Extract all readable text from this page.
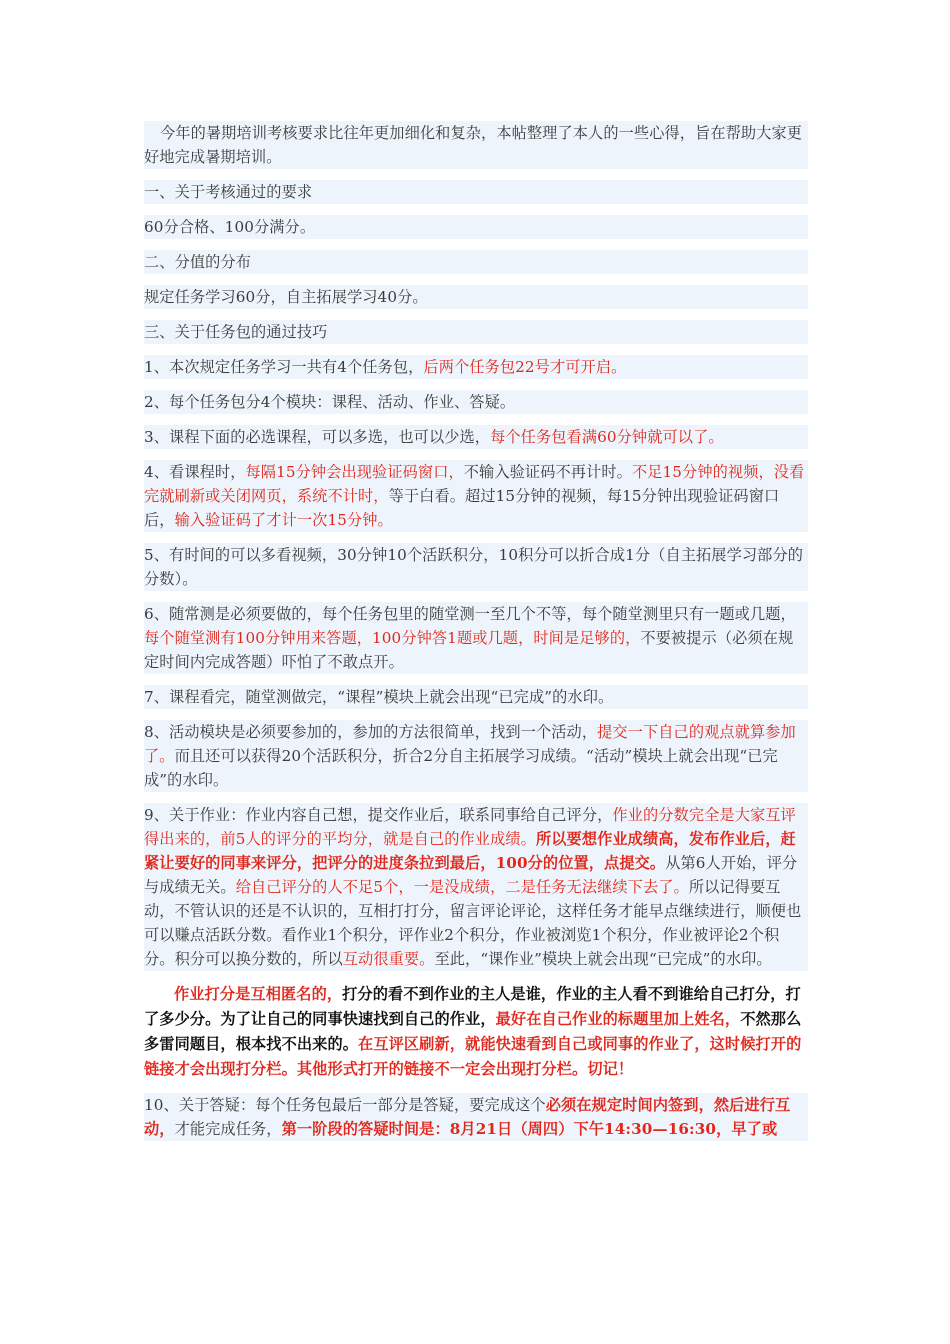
今年的暑期培训考核要求比往年更加细化和复杂，本帖整理了本人的一些心得，旨在帮助大家更好地完成暑期培训。
一、关于考核通过的要求
60分合格、100分满分。
二、分值的分布
规定任务学习60分，自主拓展学习40分。
三、关于任务包的通过技巧
1、本次规定任务学习一共有4个任务包，后两个任务包22号才可开启。
2、每个任务包分4个模块：课程、活动、作业、答疑。
3、课程下面的必选课程，可以多选，也可以少选，每个任务包看满60分钟就可以了。
4、看课程时，每隔15分钟会出现验证码窗口，不输入验证码不再计时。不足15分钟的视频，没看完就刷新或关闭网页，系统不计时，等于白看。超过15分钟的视频，每15分钟出现验证码窗口后，输入验证码了才计一次15分钟。
5、有时间的可以多看视频，30分钟10个活跃积分，10积分可以折合成1分（自主拓展学习部分的分数）。
6、随常测是必须要做的，每个任务包里的随堂测一至几个不等，每个随堂测里只有一题或几题，每个随堂测有100分钟用来答题，100分钟答1题或几题，时间是足够的，不要被提示（必须在规定时间内完成答题）吓怕了不敢点开。
7、课程看完，随堂测做完，“课程”模块上就会出现“已完成”的水印。
8、活动模块是必须要参加的，参加的方法很简单，找到一个活动，提交一下自己的观点就算参加了。而且还可以获得20个活跃积分，折合2分自主拓展学习成绩。“活动”模块上就会出现“已完成”的水印。
9、关于作业：作业内容自己想，提交作业后，联系同事给自己评分，作业的分数完全是大家互评得出来的，前5人的评分的平均分，就是自己的作业成绩。所以要想作业成绩高，发布作业后，赶紧让要好的同事来评分，把评分的进度条拉到最后，100分的位置，点提交。从第6人开始，评分与成绩无关。给自己评分的人不足5个，一是没成绩，二是任务无法继续下去了。所以记得要互动，不管认识的还是不认识的，互相打打分，留言评论评论，这样任务才能早点继续进行，顺便也可以赚点活跃分数。看作业1个积分，评作业2个积分，作业被浏览1个积分，作业被评论2个积分。积分可以换分数的，所以互动很重要。至此，“课作业”模块上就会出现“已完成”的水印。
作业打分是互相匿名的，打分的看不到作业的主人是谁，作业的主人看不到谁给自己打分，打了多少分。为了让自己的同事快速找到自己的作业，最好在自己作业的标题里加上姓名，不然那么多雷同题目，根本找不出来的。在互评区刷新，就能快速看到自己或同事的作业了，这时候打开的链接才会出现打分栏。其他形式打开的链接不一定会出现打分栏。切记！
10、关于答疑：每个任务包最后一部分是答疑，要完成这个必须在规定时间内签到，然后进行互动，才能完成任务，第一阶段的答疑时间是：8月21日（周四）下午14:30—16:30，早了或
